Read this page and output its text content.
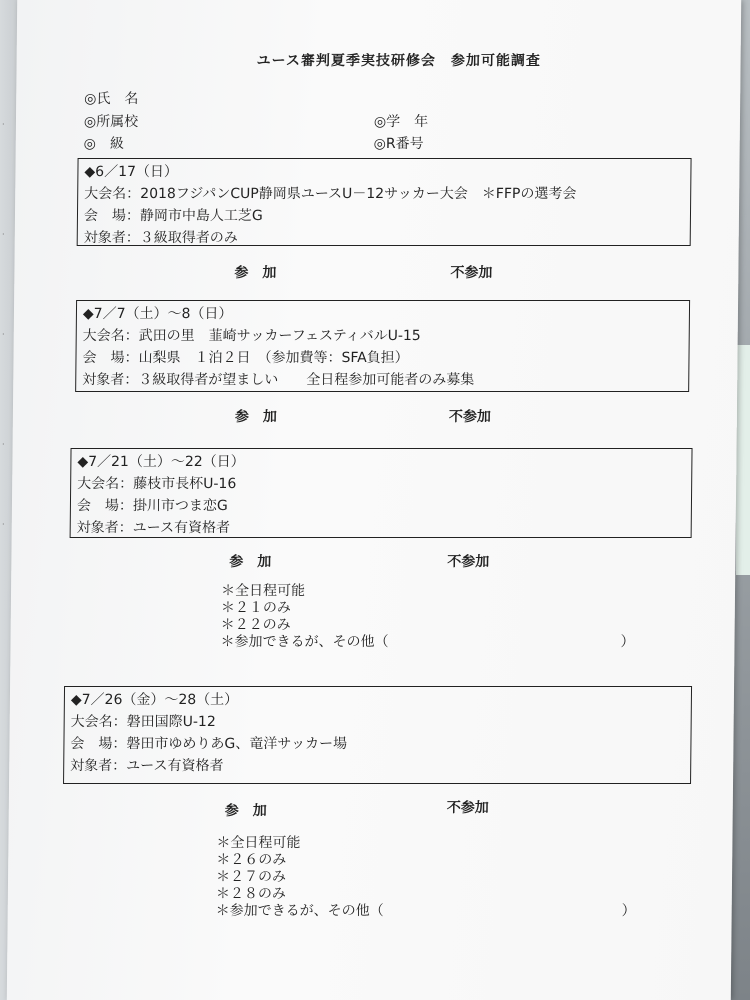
·
·
·
·
·
ユース審判夏季実技研修会　参加可能調査
◎氏　名
◎所属校	◎学　年
◎　級	◎R番号
◆6／17（日）
大会名：2018フジパンCUP静岡県ユースU－12サッカー大会　＊FFPの選考会
会　場：静岡市中島人工芝G
対象者：３級取得者のみ
参　加	不参加
◆7／7（土）～8（日）
大会名：武田の里　韮崎サッカーフェスティバルU-15
会　場：山梨県　１泊２日　（参加費等：SFA負担）
対象者：３級取得者が望ましい　　全日程参加可能者のみ募集
参　加	不参加
◆7／21（土）～22（日）
大会名：藤枝市長杯U-16
会　場：掛川市つま恋G
対象者：ユース有資格者
参　加	不参加
＊全日程可能
＊２１のみ
＊２２のみ
＊参加できるが、その他（	）
◆7／26（金）～28（土）
大会名：磐田国際U-12
会　場：磐田市ゆめりあG、竜洋サッカー場
対象者：ユース有資格者
参　加	不参加
＊全日程可能
＊２６のみ
＊２７のみ
＊２８のみ
＊参加できるが、その他（	）
